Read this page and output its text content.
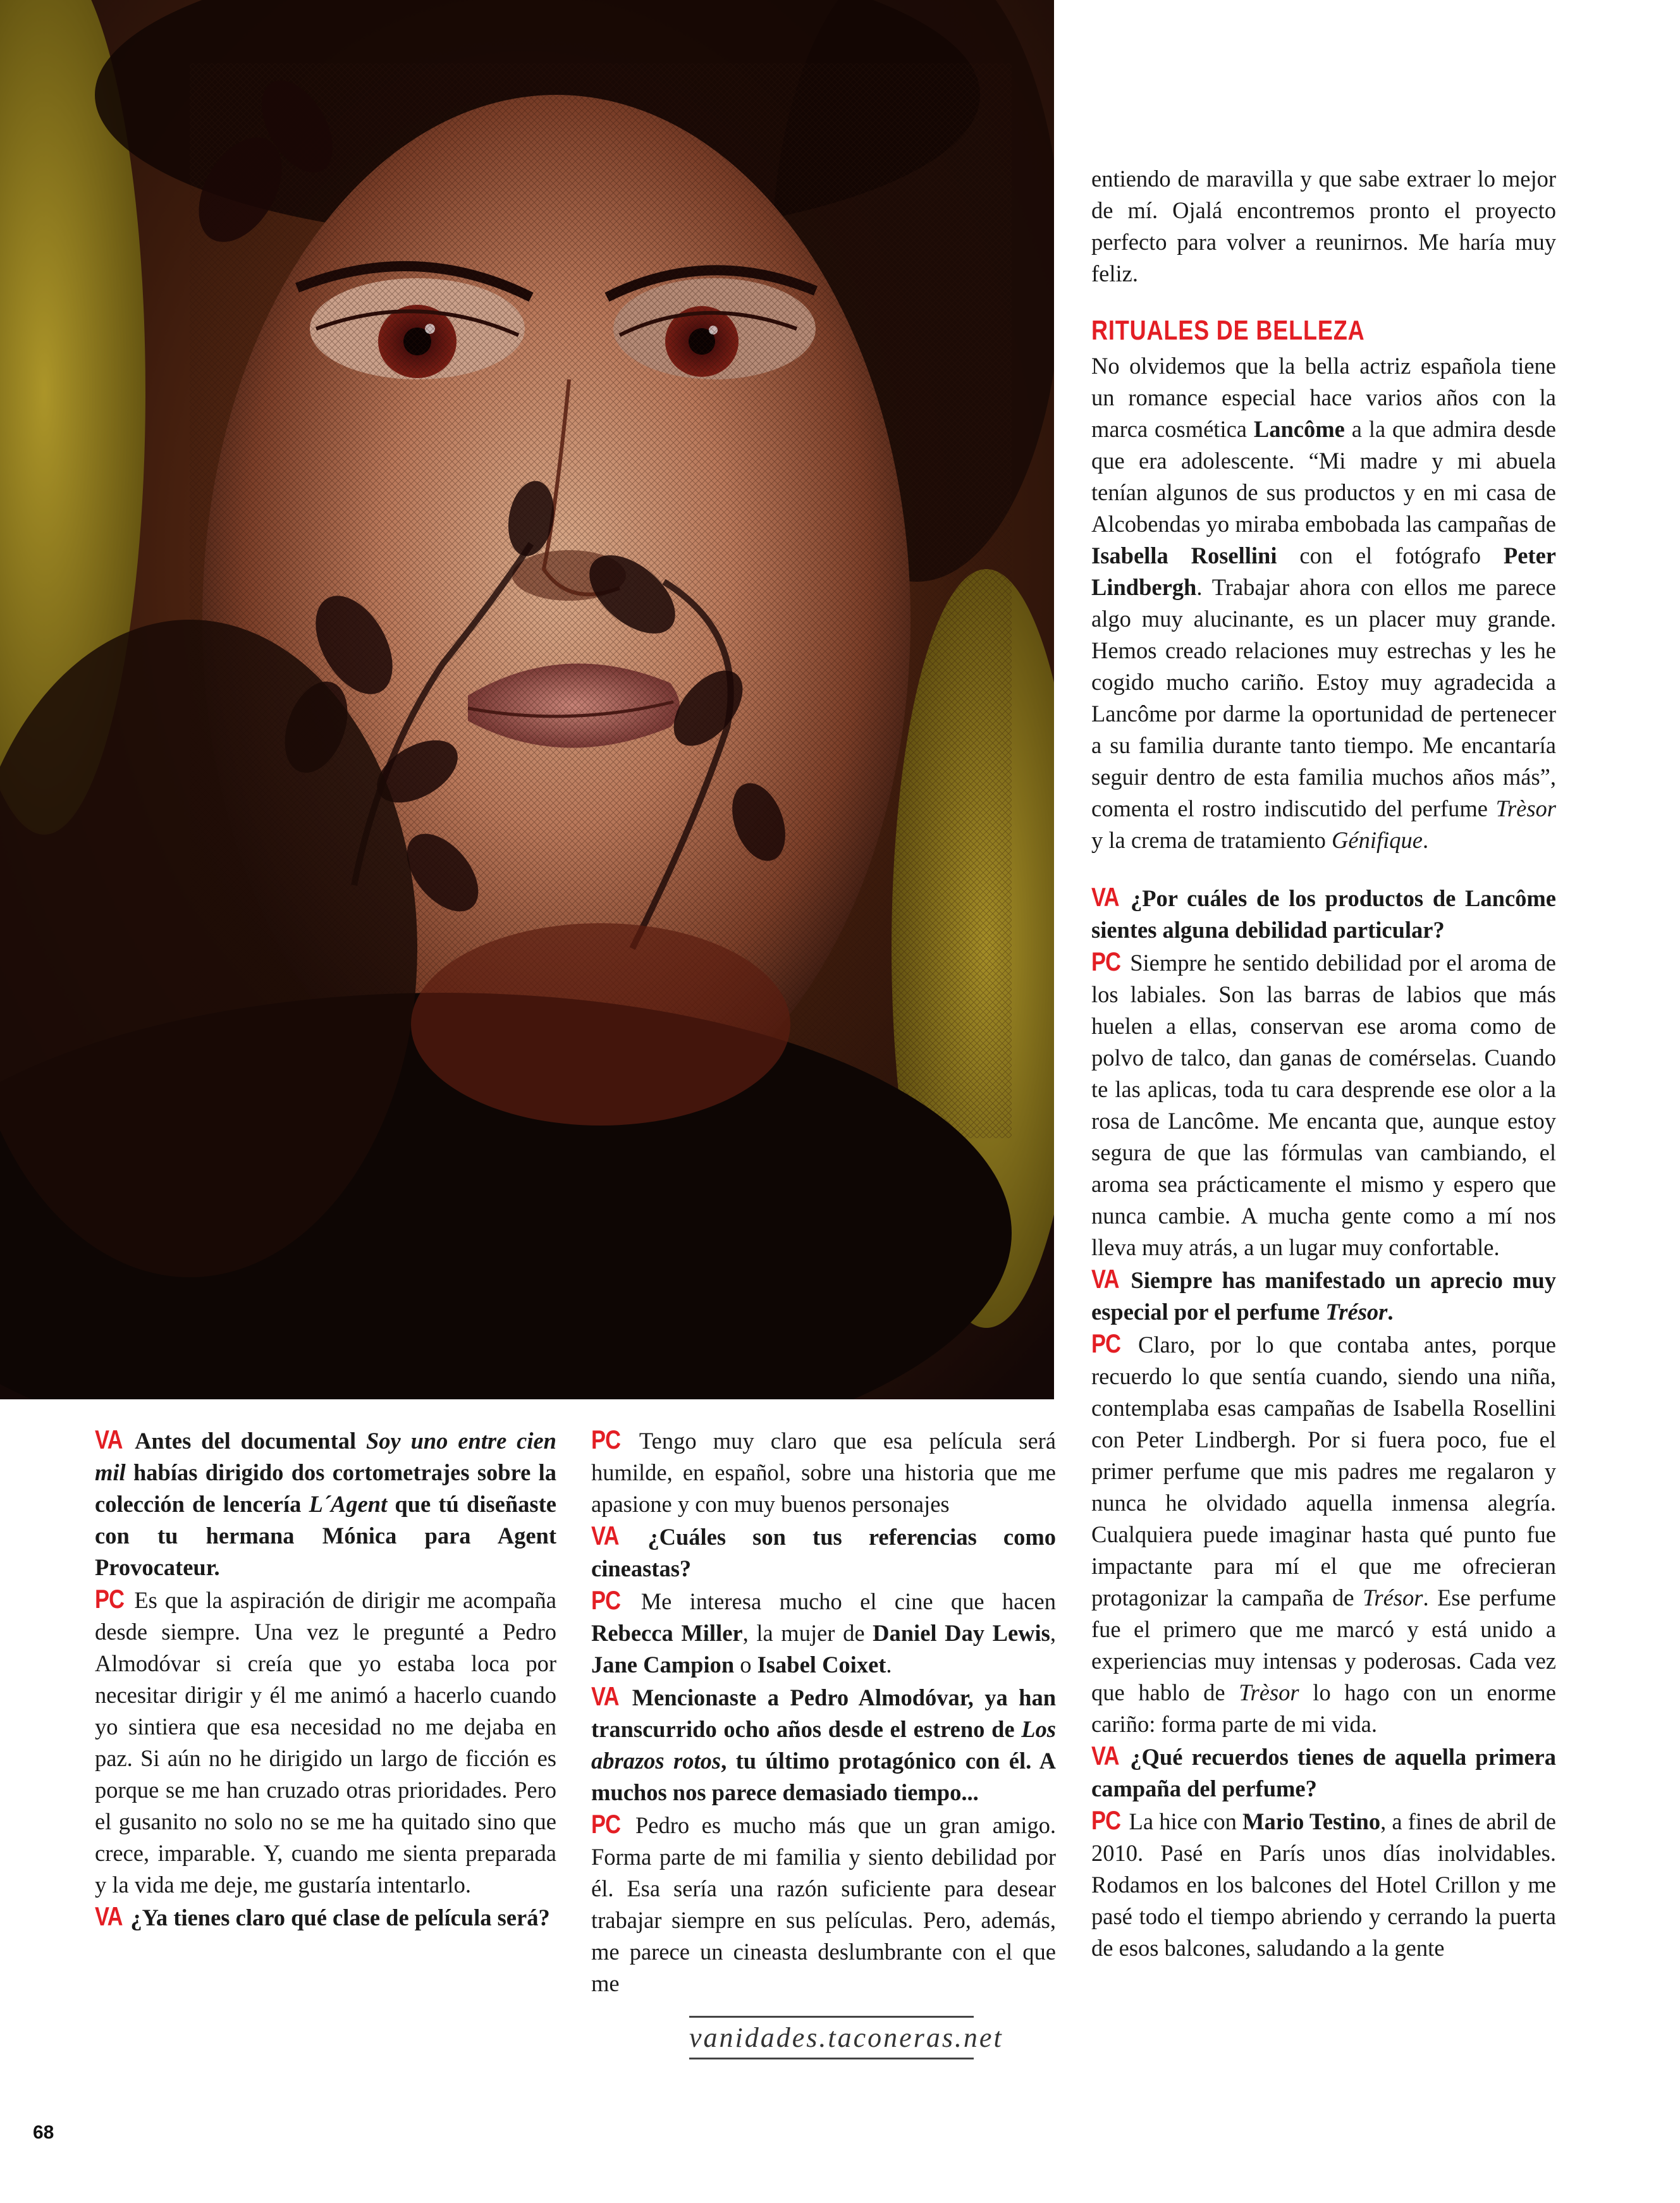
entiendo de maravilla y que sabe extraer lo mejor de mí. Ojalá encontremos pronto el proyecto perfecto para volver a reunirnos. Me haría muy feliz.

RITUALES DE BELLEZA

No olvidemos que la bella actriz española tiene un romance especial hace varios años con la marca cosmética Lancôme a la que admira desde que era adolescente. “Mi madre y mi abuela tenían algunos de sus productos y en mi casa de Alcobendas yo miraba embobada las campañas de Isabella Rosellini con el fotógrafo Peter Lindbergh. Trabajar ahora con ellos me parece algo muy alucinante, es un placer muy grande. Hemos creado relaciones muy estrechas y les he cogido mucho cariño. Estoy muy agradecida a Lancôme por darme la oportunidad de pertenecer a su familia durante tanto tiempo. Me encantaría seguir dentro de esta familia muchos años más”, comenta el rostro indiscutido del perfume Trèsor y la crema de tratamiento Génifique.

VA ¿Por cuáles de los productos de Lancôme sientes alguna debilidad particular?

PC Siempre he sentido debilidad por el aroma de los labiales. Son las barras de labios que más huelen a ellas, conservan ese aroma como de polvo de talco, dan ganas de comérselas. Cuando te las aplicas, toda tu cara desprende ese olor a la rosa de Lancôme. Me encanta que, aunque estoy segura de que las fórmulas van cambiando, el aroma sea prácticamente el mismo y espero que nunca cambie. A mucha gente como a mí nos lleva muy atrás, a un lugar muy confortable.

VA Siempre has manifestado un aprecio muy especial por el perfume Trésor.

PC Claro, por lo que contaba antes, porque recuerdo lo que sentía cuando, siendo una niña, contemplaba esas campañas de Isabella Rosellini con Peter Lindbergh. Por si fuera poco, fue el primer perfume que mis padres me regalaron y nunca he olvidado aquella inmensa alegría. Cualquiera puede imaginar hasta qué punto fue impactante para mí el que me ofrecieran protagonizar la campaña de Trésor. Ese perfume fue el primero que me marcó y está unido a experiencias muy intensas y poderosas. Cada vez que hablo de Trèsor lo hago con un enorme cariño: forma parte de mi vida.

VA ¿Qué recuerdos tienes de aquella primera campaña del perfume?

PC La hice con Mario Testino, a fines de abril de 2010. Pasé en París unos días inolvidables. Rodamos en los balcones del Hotel Crillon y me pasé todo el tiempo abriendo y cerrando la puerta de esos balcones, saludando a la gente

VA Antes del documental Soy uno entre cien mil habías dirigido dos cortometrajes sobre la colección de lencería L´Agent que tú diseñaste con tu hermana Mónica para Agent Provocateur.

PC Es que la aspiración de dirigir me acompaña desde siempre. Una vez le pregunté a Pedro Almodóvar si creía que yo estaba loca por necesitar dirigir y él me animó a hacerlo cuando yo sintiera que esa necesidad no me dejaba en paz. Si aún no he dirigido un largo de ficción es porque se me han cruzado otras prioridades. Pero el gusanito no solo no se me ha quitado sino que crece, imparable. Y, cuando me sienta preparada y la vida me deje, me gustaría intentarlo.

VA ¿Ya tienes claro qué clase de película será?

PC Tengo muy claro que esa película será humilde, en español, sobre una historia que me apasione y con muy buenos personajes

VA ¿Cuáles son tus referencias como cineastas?

PC Me interesa mucho el cine que hacen Rebecca Miller, la mujer de Daniel Day Lewis, Jane Campion o Isabel Coixet.

VA Mencionaste a Pedro Almodóvar, ya han transcurrido ocho años desde el estreno de Los abrazos rotos, tu último protagónico con él. A muchos nos parece demasiado tiempo...

PC Pedro es mucho más que un gran amigo. Forma parte de mi familia y siento debilidad por él. Esa sería una razón suficiente para desear trabajar siempre en sus películas. Pero, además, me parece un cineasta deslumbrante con el que me

vanidades.taconeras.net
68
